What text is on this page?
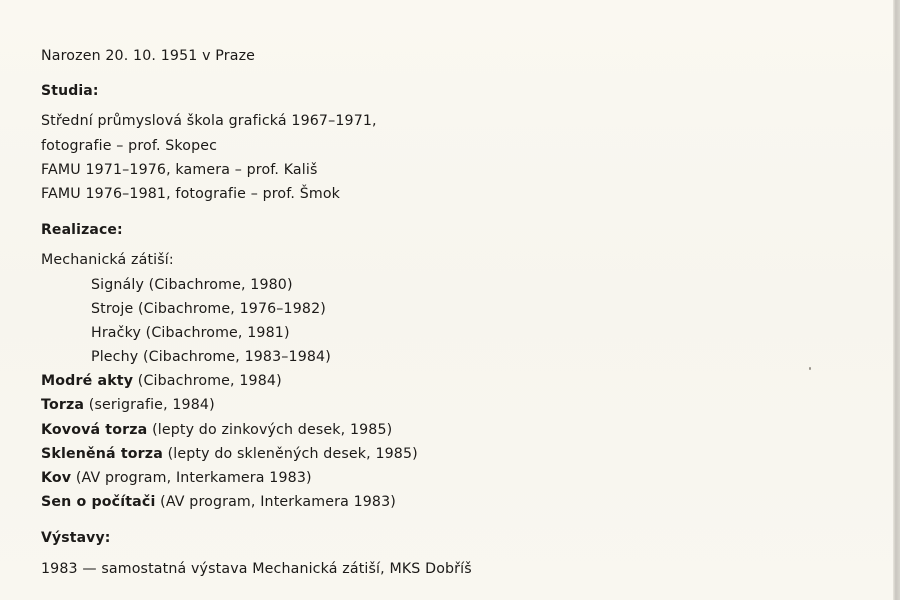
Narozen 20. 10. 1951 v Praze
Studia:
Střední průmyslová škola grafická 1967–1971,
fotografie – prof. Skopec
FAMU 1971–1976, kamera – prof. Kališ
FAMU 1976–1981, fotografie – prof. Šmok
Realizace:
Mechanická zátiší:
Signály (Cibachrome, 1980)
Stroje (Cibachrome, 1976–1982)
Hračky (Cibachrome, 1981)
Plechy (Cibachrome, 1983–1984)
Modré akty (Cibachrome, 1984)
Torza (serigrafie, 1984)
Kovová torza (lepty do zinkových desek, 1985)
Skleněná torza (lepty do skleněných desek, 1985)
Kov (AV program, Interkamera 1983)
Sen o počítači (AV program, Interkamera 1983)
Výstavy:
1983 — samostatná výstava Mechanická zátiší, MKS Dobříš
